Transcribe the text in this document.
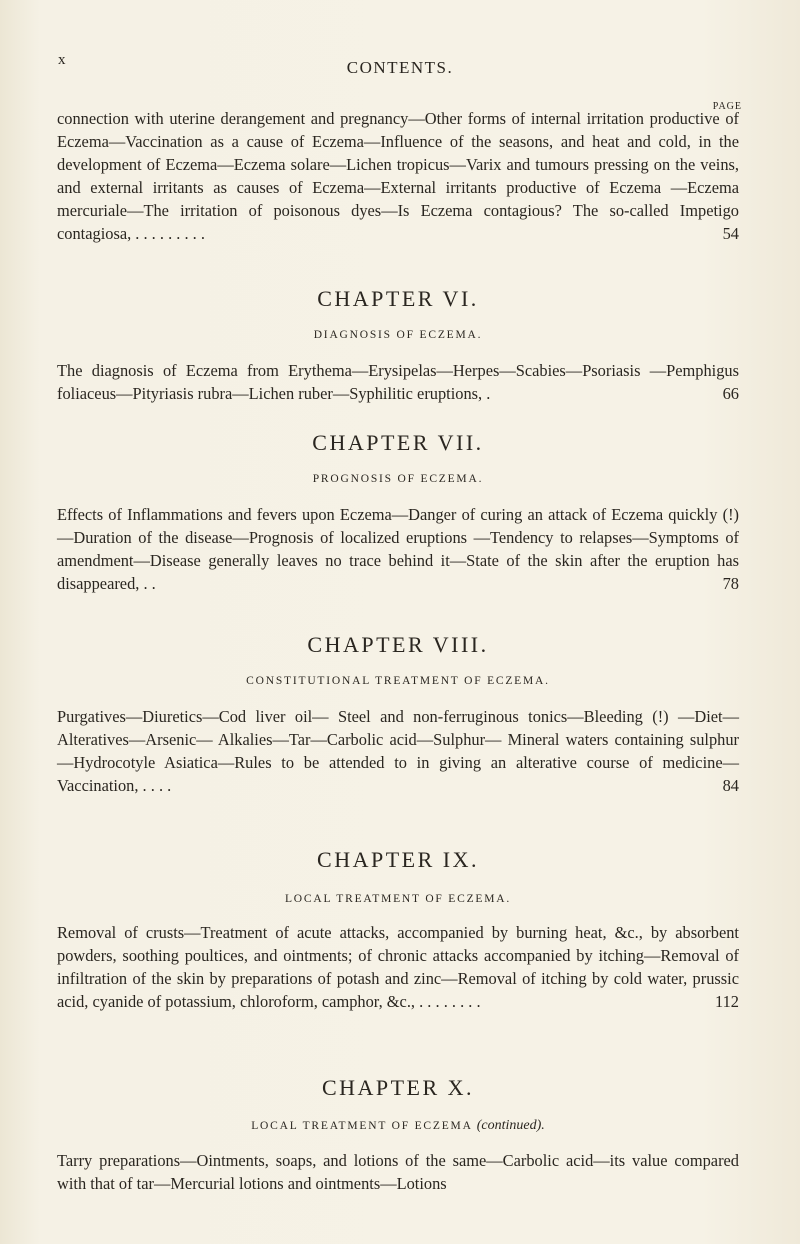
x	CONTENTS.
PAGE
connection with uterine derangement and pregnancy—Other forms of internal irritation productive of Eczema—Vaccination as a cause of Eczema—Influence of the seasons, and heat and cold, in the development of Eczema—Eczema solare—Lichen tropicus—Varix and tumours pressing on the veins, and external irritants as causes of Eczema—External irritants productive of Eczema —Eczema mercuriale—The irritation of poisonous dyes—Is Eczema contagious? The so-called Impetigo contagiosa, . . . . . . . . .	54
CHAPTER VI.
DIAGNOSIS OF ECZEMA.
The diagnosis of Eczema from Erythema—Erysipelas—Herpes—Scabies—Psoriasis —Pemphigus foliaceus—Pityriasis rubra—Lichen ruber—Syphilitic eruptions, .	66
CHAPTER VII.
PROGNOSIS OF ECZEMA.
Effects of Inflammations and fevers upon Eczema—Danger of curing an attack of Eczema quickly (!)—Duration of the disease—Prognosis of localized eruptions —Tendency to relapses—Symptoms of amendment—Disease generally leaves no trace behind it—State of the skin after the eruption has disappeared, . .	78
CHAPTER VIII.
CONSTITUTIONAL TREATMENT OF ECZEMA.
Purgatives—Diuretics—Cod liver oil— Steel and non-ferruginous tonics—Bleeding (!) —Diet— Alteratives—Arsenic— Alkalies—Tar—Carbolic acid—Sulphur— Mineral waters containing sulphur—Hydrocotyle Asiatica—Rules to be attended to in giving an alterative course of medicine—Vaccination, . . . .	84
CHAPTER IX.
LOCAL TREATMENT OF ECZEMA.
Removal of crusts—Treatment of acute attacks, accompanied by burning heat, &c., by absorbent powders, soothing poultices, and ointments; of chronic attacks accompanied by itching—Removal of infiltration of the skin by preparations of potash and zinc—Removal of itching by cold water, prussic acid, cyanide of potassium, chloroform, camphor, &c., . . . . . . . .	112
CHAPTER X.
LOCAL TREATMENT OF ECZEMA (continued).
Tarry preparations—Ointments, soaps, and lotions of the same—Carbolic acid—its value compared with that of tar—Mercurial lotions and ointments—Lotions
